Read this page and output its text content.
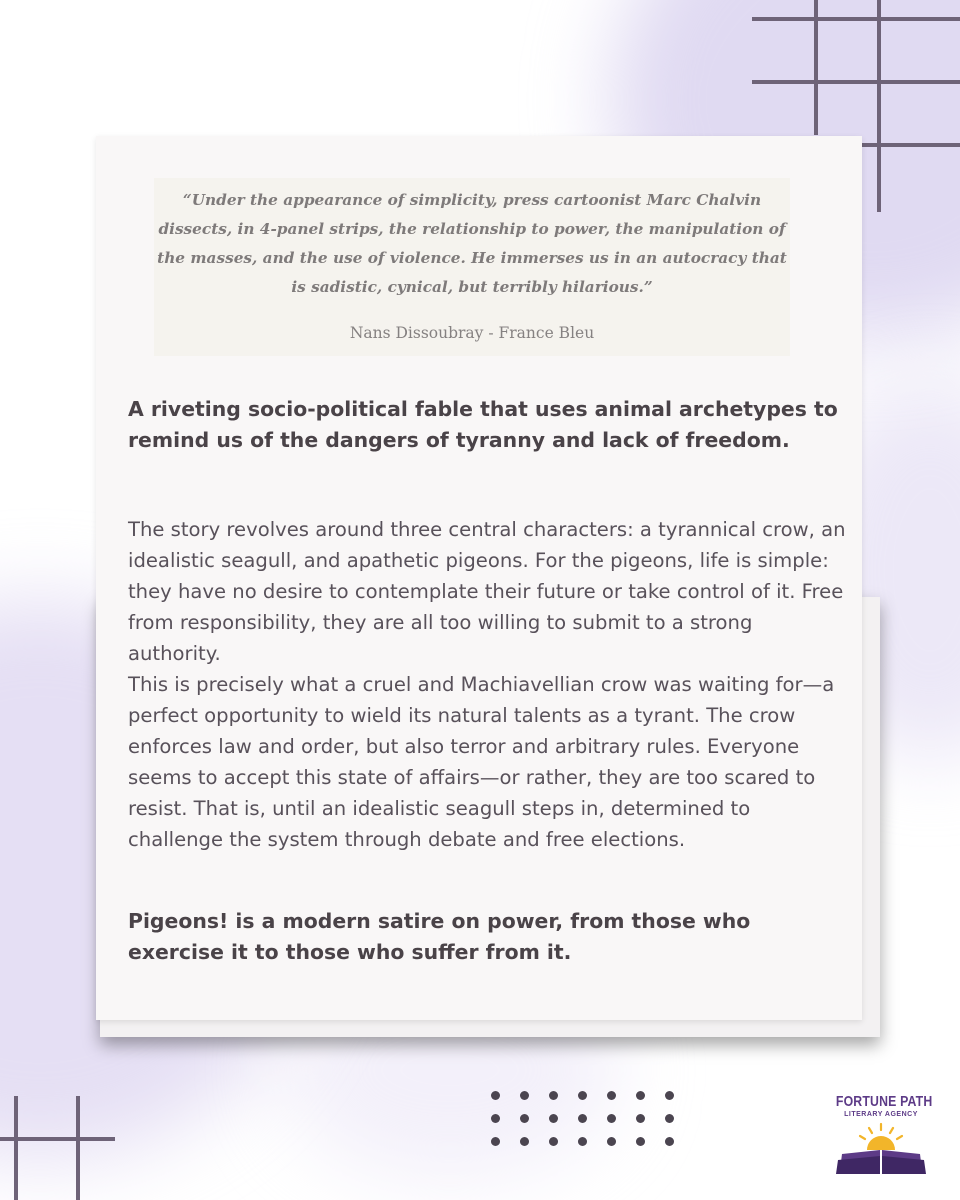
“Under the appearance of simplicity, press cartoonist Marc Chalvin dissects, in 4-panel strips, the relationship to power, the manipulation of the masses, and the use of violence. He immerses us in an autocracy that is sadistic, cynical, but terribly hilarious.”

Nans Dissoubray - France Bleu

A riveting socio-political fable that uses animal archetypes to remind us of the dangers of tyranny and lack of freedom.

The story revolves around three central characters: a tyrannical crow, an idealistic seagull, and apathetic pigeons. For the pigeons, life is simple: they have no desire to contemplate their future or take control of it. Free from responsibility, they are all too willing to submit to a strong authority.
This is precisely what a cruel and Machiavellian crow was waiting for—a perfect opportunity to wield its natural talents as a tyrant. The crow enforces law and order, but also terror and arbitrary rules. Everyone seems to accept this state of affairs—or rather, they are too scared to resist. That is, until an idealistic seagull steps in, determined to challenge the system through debate and free elections.

Pigeons! is a modern satire on power, from those who exercise it to those who suffer from it.

FORTUNE PATH
LITERARY AGENCY
